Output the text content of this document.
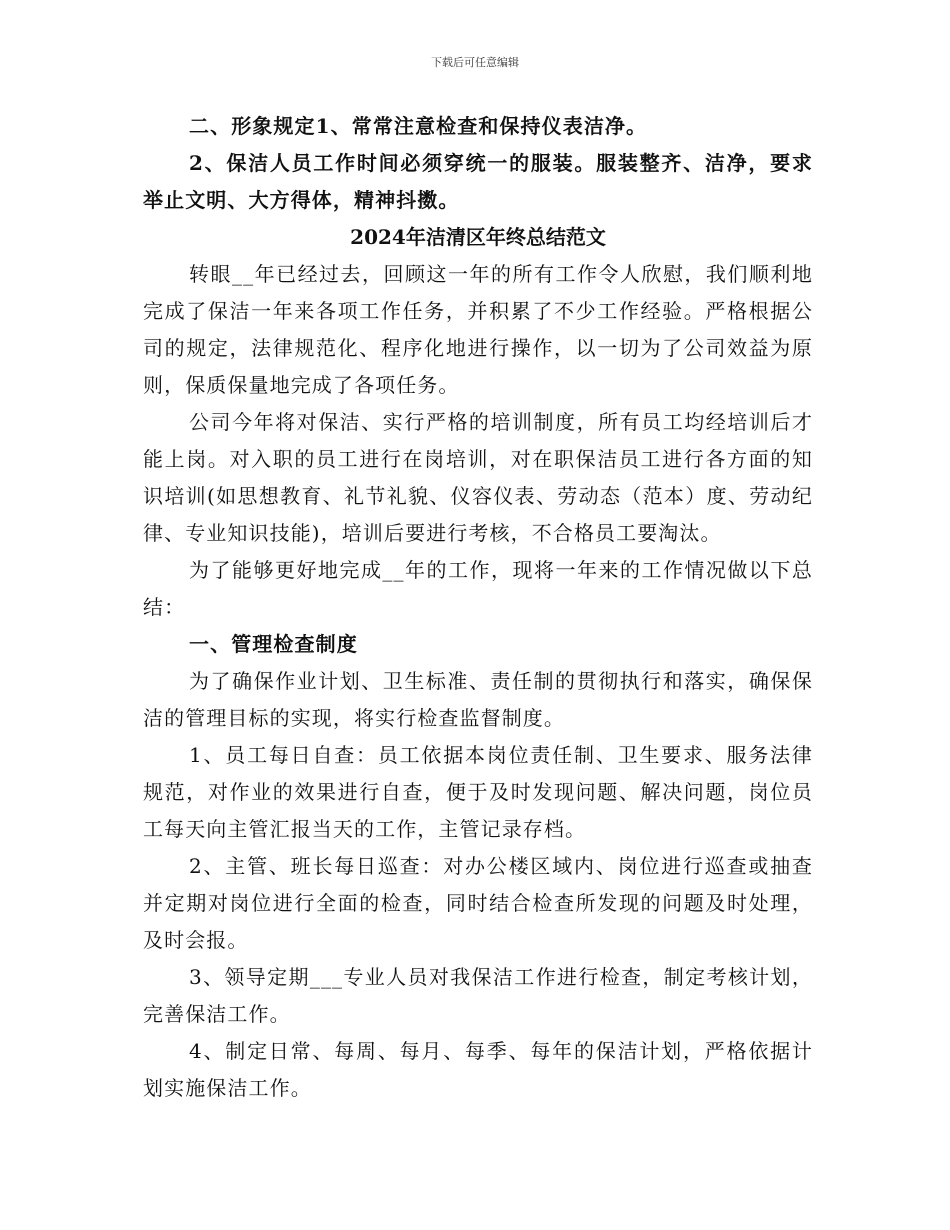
下载后可任意编辑

二、形象规定1、常常注意检查和保持仪表洁净。

2、保洁人员工作时间必须穿统一的服装。服装整齐、洁净，要求举止文明、大方得体，精神抖擞。

2024年洁清区年终总结范文

转眼__年已经过去，回顾这一年的所有工作令人欣慰，我们顺利地完成了保洁一年来各项工作任务，并积累了不少工作经验。严格根据公司的规定，法律规范化、程序化地进行操作，以一切为了公司效益为原则，保质保量地完成了各项任务。

公司今年将对保洁、实行严格的培训制度，所有员工均经培训后才能上岗。对入职的员工进行在岗培训，对在职保洁员工进行各方面的知识培训(如思想教育、礼节礼貌、仪容仪表、劳动态（范本）度、劳动纪律、专业知识技能)，培训后要进行考核，不合格员工要淘汰。

为了能够更好地完成__年的工作，现将一年来的工作情况做以下总结：

一、管理检查制度

为了确保作业计划、卫生标准、责任制的贯彻执行和落实，确保保洁的管理目标的实现，将实行检查监督制度。

1、员工每日自查：员工依据本岗位责任制、卫生要求、服务法律规范，对作业的效果进行自查，便于及时发现问题、解决问题，岗位员工每天向主管汇报当天的工作，主管记录存档。

2、主管、班长每日巡查：对办公楼区域内、岗位进行巡查或抽查并定期对岗位进行全面的检查，同时结合检查所发现的问题及时处理，及时会报。

3、领导定期___专业人员对我保洁工作进行检查，制定考核计划，完善保洁工作。

4、制定日常、每周、每月、每季、每年的保洁计划，严格依据计划实施保洁工作。
